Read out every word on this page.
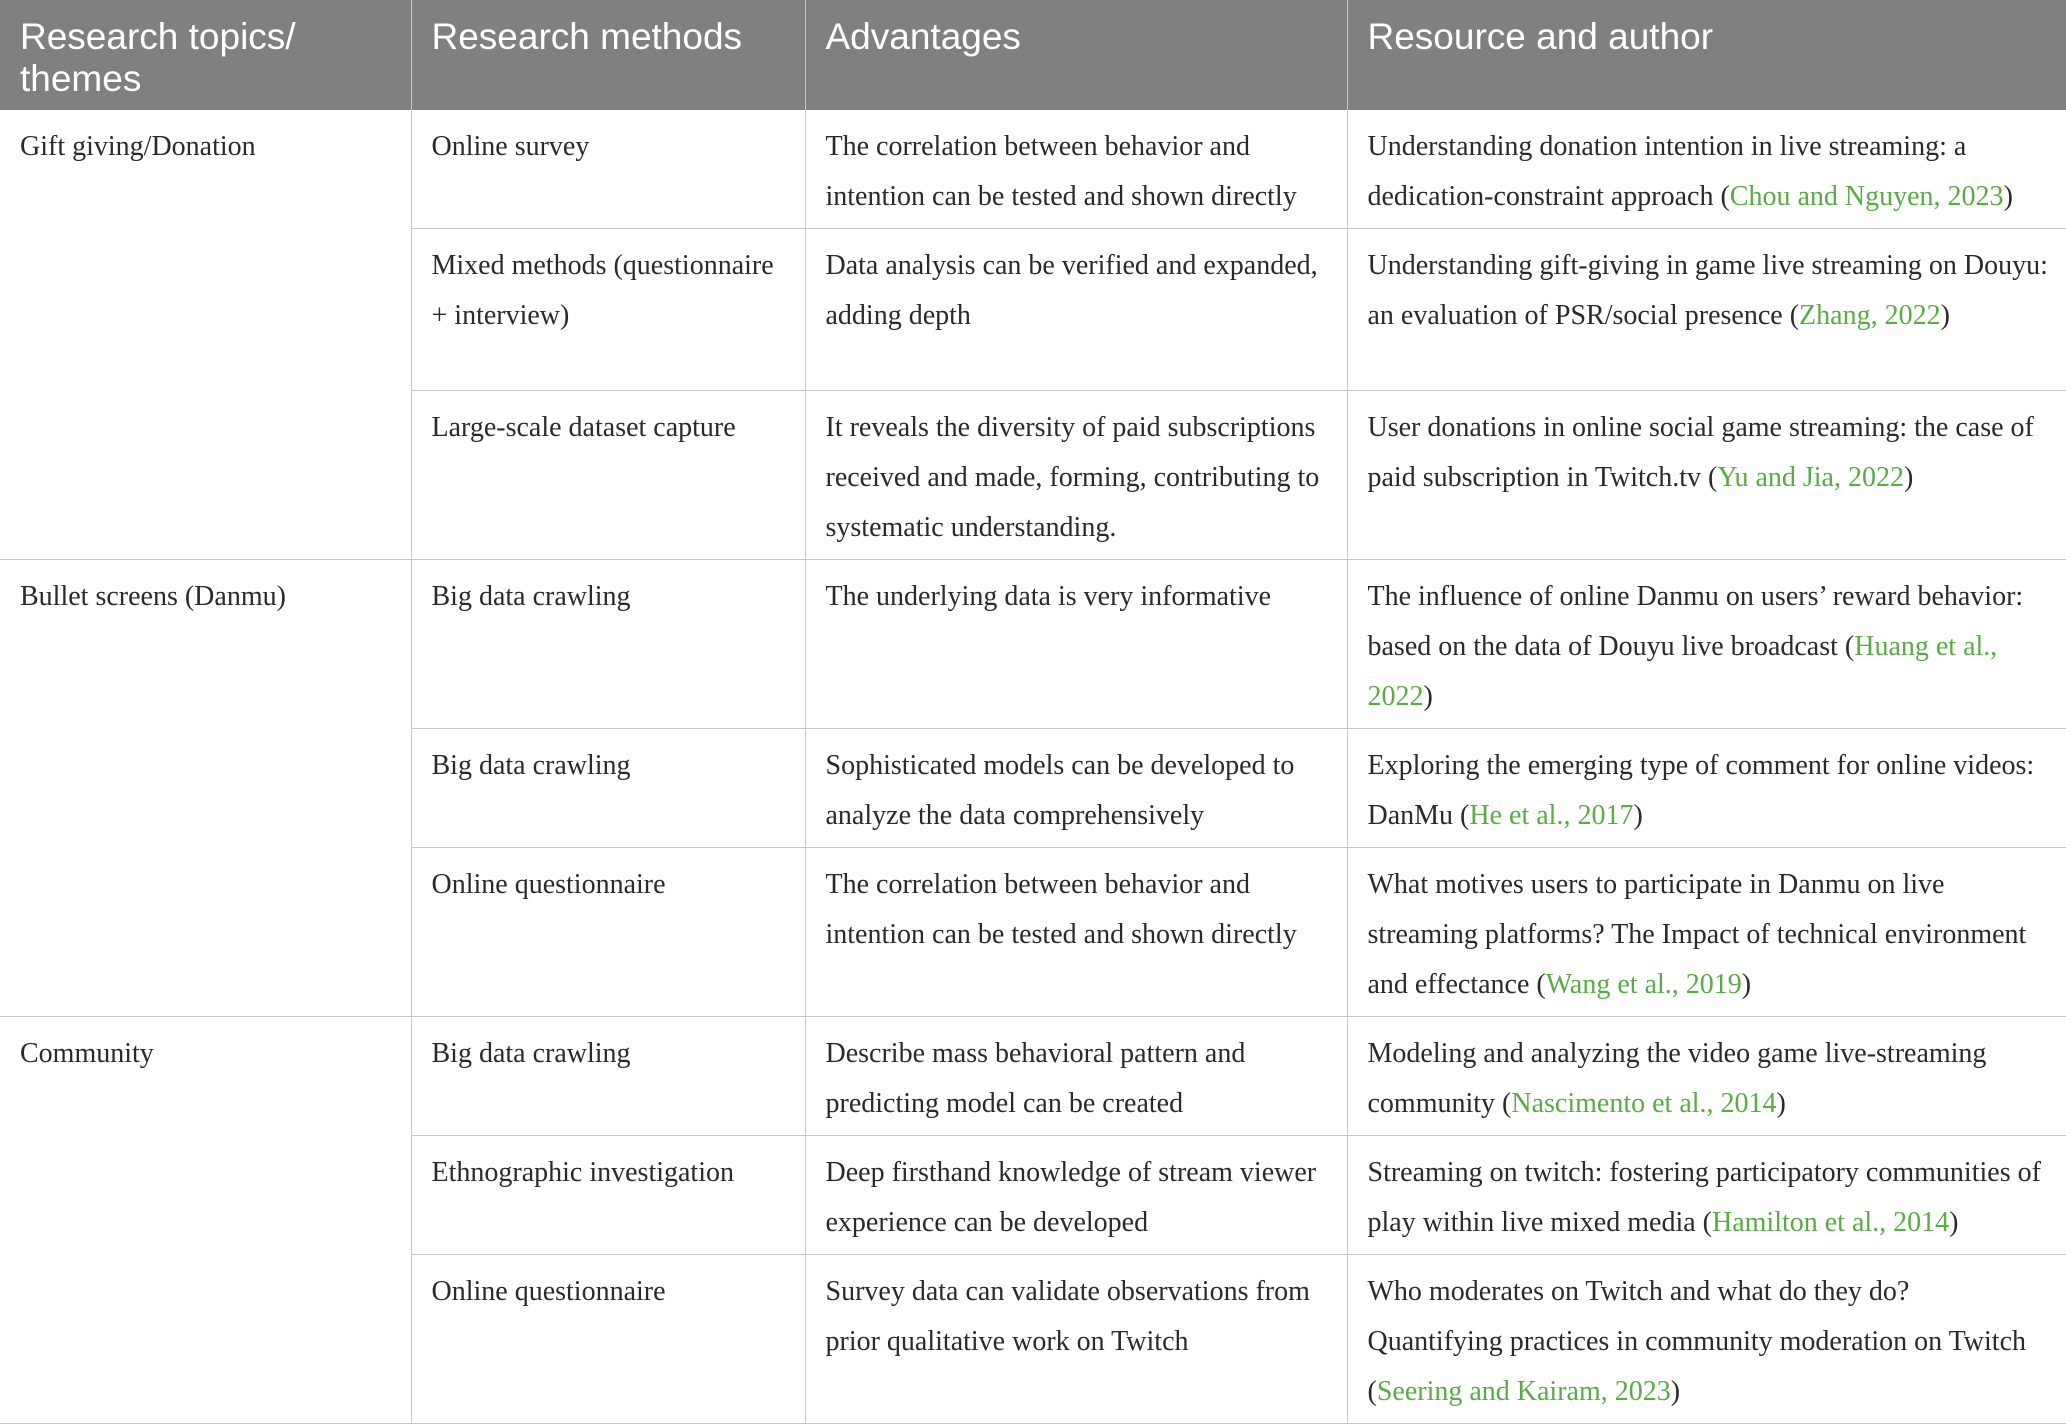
Research topics/ themes	Research methods	Advantages	Resource and author
Gift giving/Donation	Online survey	The correlation between behavior and intention can be tested and shown directly	Understanding donation intention in live streaming: a dedication-constraint approach (Chou and Nguyen, 2023)
	Mixed methods (questionnaire + interview)	Data analysis can be verified and expanded, adding depth	Understanding gift-giving in game live streaming on Douyu: an evaluation of PSR/social presence (Zhang, 2022)
	Large-scale dataset capture	It reveals the diversity of paid subscriptions received and made, forming, contributing to systematic understanding.	User donations in online social game streaming: the case of paid subscription in Twitch.tv (Yu and Jia, 2022)
Bullet screens (Danmu)	Big data crawling	The underlying data is very informative	The influence of online Danmu on users’ reward behavior: based on the data of Douyu live broadcast (Huang et al., 2022)
	Big data crawling	Sophisticated models can be developed to analyze the data comprehensively	Exploring the emerging type of comment for online videos: DanMu (He et al., 2017)
	Online questionnaire	The correlation between behavior and intention can be tested and shown directly	What motives users to participate in Danmu on live streaming platforms? The Impact of technical environment and effectance (Wang et al., 2019)
Community	Big data crawling	Describe mass behavioral pattern and predicting model can be created	Modeling and analyzing the video game live-streaming community (Nascimento et al., 2014)
	Ethnographic investigation	Deep firsthand knowledge of stream viewer experience can be developed	Streaming on twitch: fostering participatory communities of play within live mixed media (Hamilton et al., 2014)
	Online questionnaire	Survey data can validate observations from prior qualitative work on Twitch	Who moderates on Twitch and what do they do? Quantifying practices in community moderation on Twitch (Seering and Kairam, 2023)
